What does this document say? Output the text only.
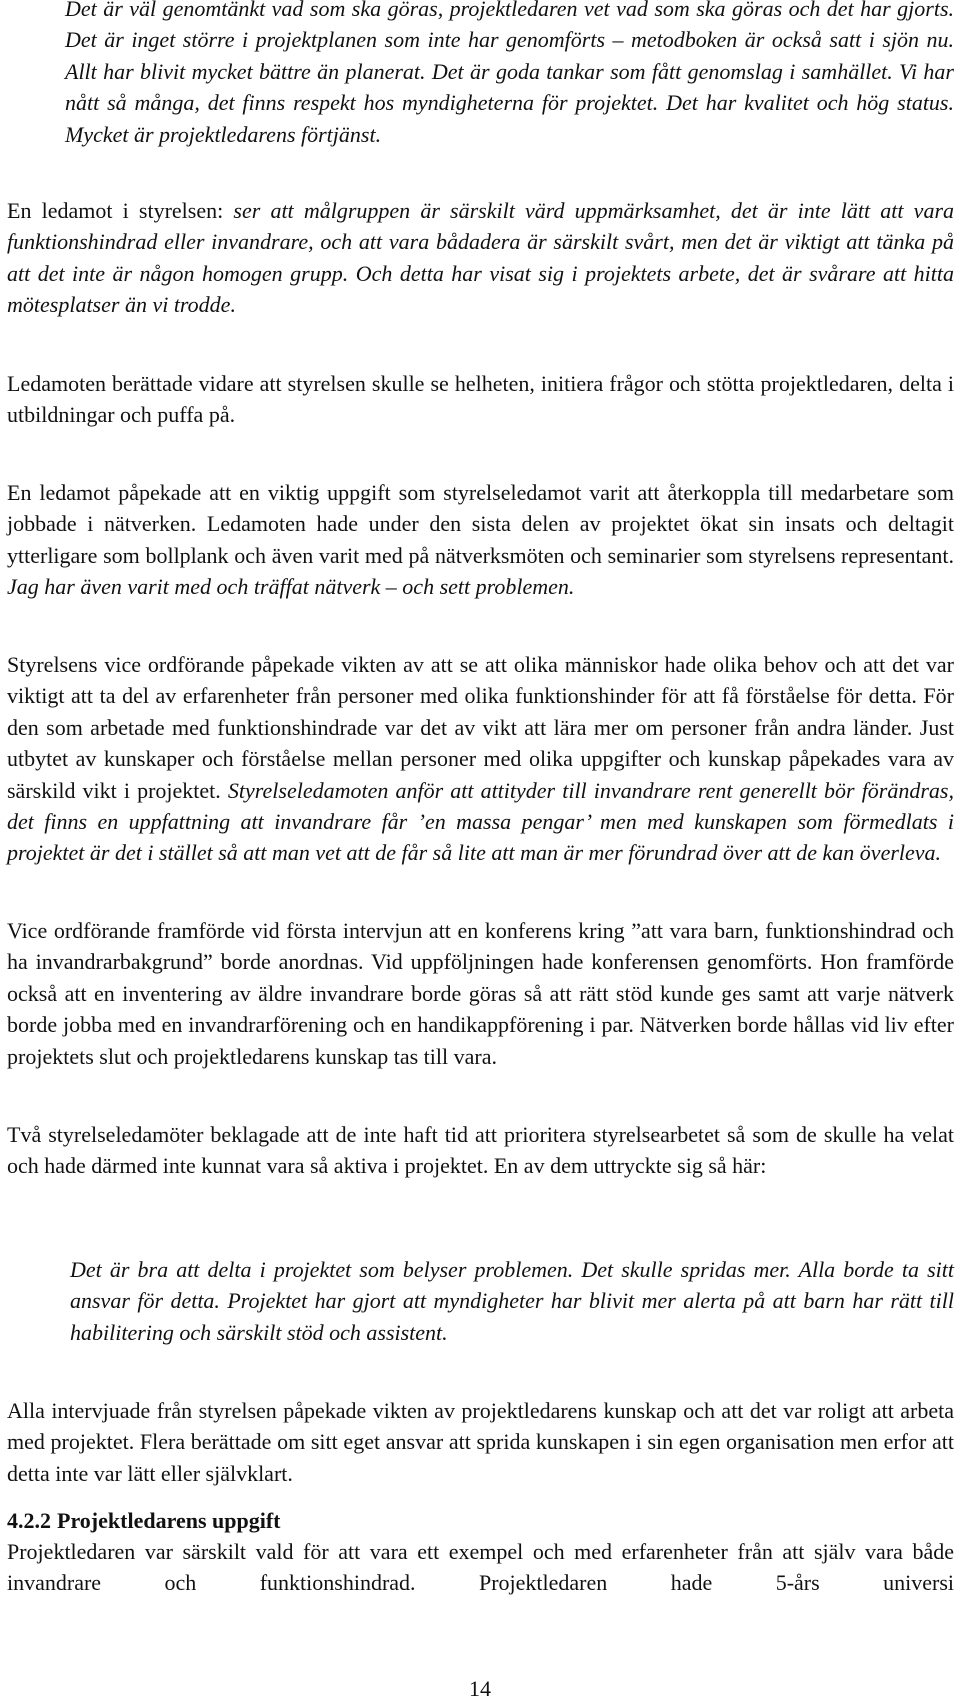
Det är väl genomtänkt vad som ska göras, projektledaren vet vad som ska göras och det har gjorts. Det är inget större i projektplanen som inte har genomförts – metodboken är också satt i sjön nu. Allt har blivit mycket bättre än planerat. Det är goda tankar som fått genomslag i samhället. Vi har nått så många, det finns respekt hos myndigheterna för projektet. Det har kvalitet och hög status. Mycket är projektledarens förtjänst.

En ledamot i styrelsen: ser att målgruppen är särskilt värd uppmärksamhet, det är inte lätt att vara funktionshindrad eller invandrare, och att vara bådadera är särskilt svårt, men det är viktigt att tänka på att det inte är någon homogen grupp. Och detta har visat sig i projektets arbete, det är svårare att hitta mötesplatser än vi trodde.

Ledamoten berättade vidare att styrelsen skulle se helheten, initiera frågor och stötta projektledaren, delta i utbildningar och puffa på.

En ledamot påpekade att en viktig uppgift som styrelseledamot varit att återkoppla till medarbetare som jobbade i nätverken. Ledamoten hade under den sista delen av projektet ökat sin insats och deltagit ytterligare som bollplank och även varit med på nätverksmöten och seminarier som styrelsens representant. Jag har även varit med och träffat nätverk – och sett problemen.

Styrelsens vice ordförande påpekade vikten av att se att olika människor hade olika behov och att det var viktigt att ta del av erfarenheter från personer med olika funktionshinder för att få förståelse för detta. För den som arbetade med funktionshindrade var det av vikt att lära mer om personer från andra länder. Just utbytet av kunskaper och förståelse mellan personer med olika uppgifter och kunskap påpekades vara av särskild vikt i projektet. Styrelseledamoten anför att attityder till invandrare rent generellt bör förändras, det finns en uppfattning att invandrare får ’en massa pengar’ men med kunskapen som förmedlats i projektet är det i stället så att man vet att de får så lite att man är mer förundrad över att de kan överleva.

Vice ordförande framförde vid första intervjun att en konferens kring ”att vara barn, funktionshindrad och ha invandrarbakgrund” borde anordnas. Vid uppföljningen hade konferensen genomförts. Hon framförde också att en inventering av äldre invandrare borde göras så att rätt stöd kunde ges samt att varje nätverk borde jobba med en invandrarförening och en handikappförening i par. Nätverken borde hållas vid liv efter projektets slut och projektledarens kunskap tas till vara.

Två styrelseledamöter beklagade att de inte haft tid att prioritera styrelsearbetet så som de skulle ha velat och hade därmed inte kunnat vara så aktiva i projektet. En av dem uttryckte sig så här:

Det är bra att delta i projektet som belyser problemen. Det skulle spridas mer. Alla borde ta sitt ansvar för detta. Projektet har gjort att myndigheter har blivit mer alerta på att barn har rätt till habilitering och särskilt stöd och assistent.

Alla intervjuade från styrelsen påpekade vikten av projektledarens kunskap och att det var roligt att arbeta med projektet. Flera berättade om sitt eget ansvar att sprida kunskapen i sin egen organisation men erfor att detta inte var lätt eller självklart.

4.2.2 Projektledarens uppgift

Projektledaren var särskilt vald för att vara ett exempel och med erfarenheter från att själv vara både invandrare och funktionshindrad. Projektledaren hade 5-års universi

14
